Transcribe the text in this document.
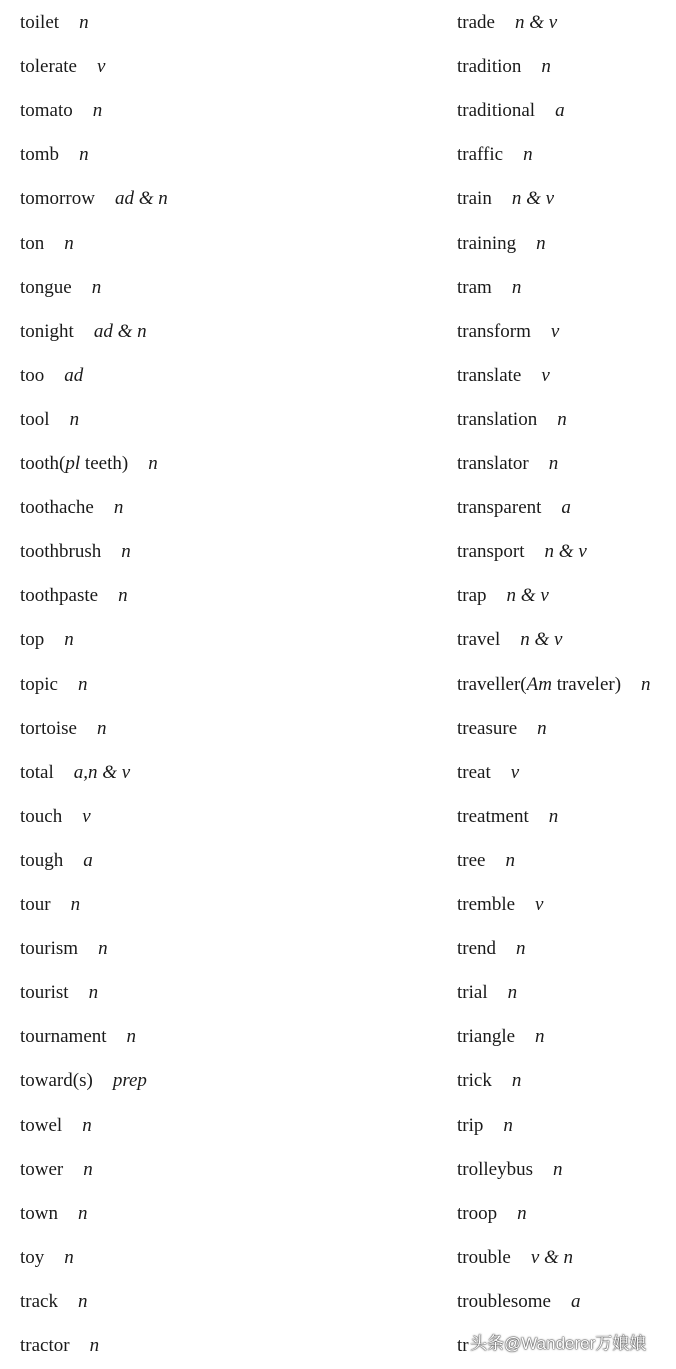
toilet n
tolerate v
tomato n
tomb n
tomorrow ad & n
ton n
tongue n
tonight ad & n
too ad
tool n
tooth(pl teeth) n
toothache n
toothbrush n
toothpaste n
top n
topic n
tortoise n
total a,n & v
touch v
tough a
tour n
tourism n
tourist n
tournament n
toward(s) prep
towel n
tower n
town n
toy n
track n
tractor n
trade n & v
tradition n
traditional a
traffic n
train n & v
training n
tram n
transform v
translate v
translation n
translator n
transparent a
transport n & v
trap n & v
travel n & v
traveller(Am traveler) n
treasure n
treat v
treatment n
tree n
tremble v
trend n
trial n
triangle n
trick n
trip n
trolleybus n
troop n
trouble v & n
troublesome a
tr 头条@Wanderer万娘娘
